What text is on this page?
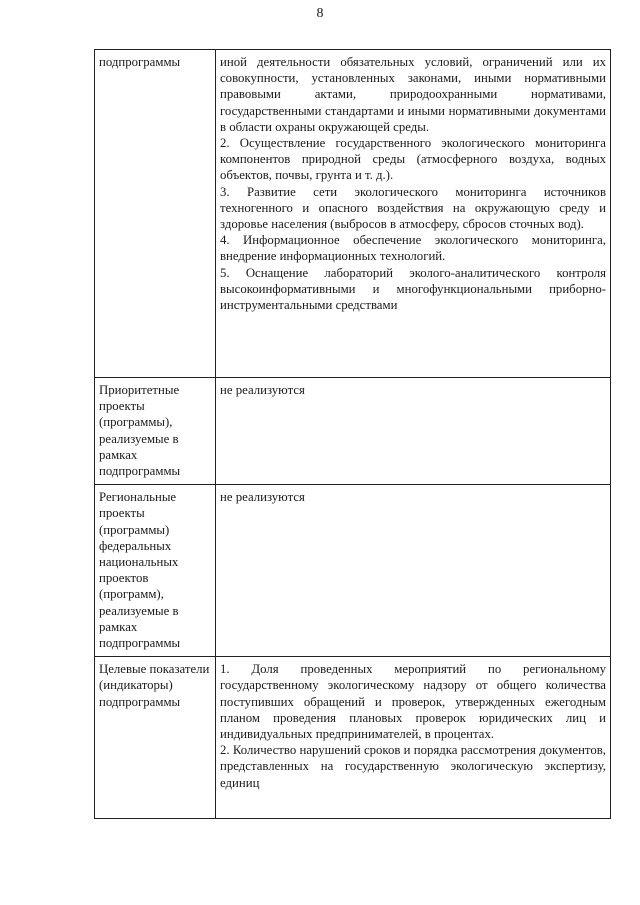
8
подпрограммы	иной деятельности обязательных условий, ограничений или их совокупности, установленных законами, иными нормативными правовыми актами, природоохранными нормативами, государственными стандартами и иными нормативными документами в области охраны окружающей среды.

2. Осуществление государственного экологического мониторинга компонентов природной среды (атмосферного воздуха, водных объектов, почвы, грунта и т. д.).

3. Развитие сети экологического мониторинга источников техногенного и опасного воздействия на окружающую среду и здоровье населения (выбросов в атмосферу, сбросов сточных вод).

4. Информационное обеспечение экологического мониторинга, внедрение информационных технологий.

5. Оснащение лабораторий эколого-аналитического контроля высокоинформативными и многофункциональными приборно-инструментальными средствами

Приоритетные проекты (программы), реализуемые в рамках подпрограммы	не реализуются

Региональные проекты (программы) федеральных национальных проектов (программ), реализуемые в рамках подпрограммы	не реализуются

Целевые показатели (индикаторы) подпрограммы	1. Доля проведенных мероприятий по региональному государственному экологическому надзору от общего количества поступивших обращений и проверок, утвержденных ежегодным планом проведения плановых проверок юридических лиц и индивидуальных предпринимателей, в процентах.

2. Количество нарушений сроков и порядка рассмотрения документов, представленных на государственную экологическую экспертизу, единиц
